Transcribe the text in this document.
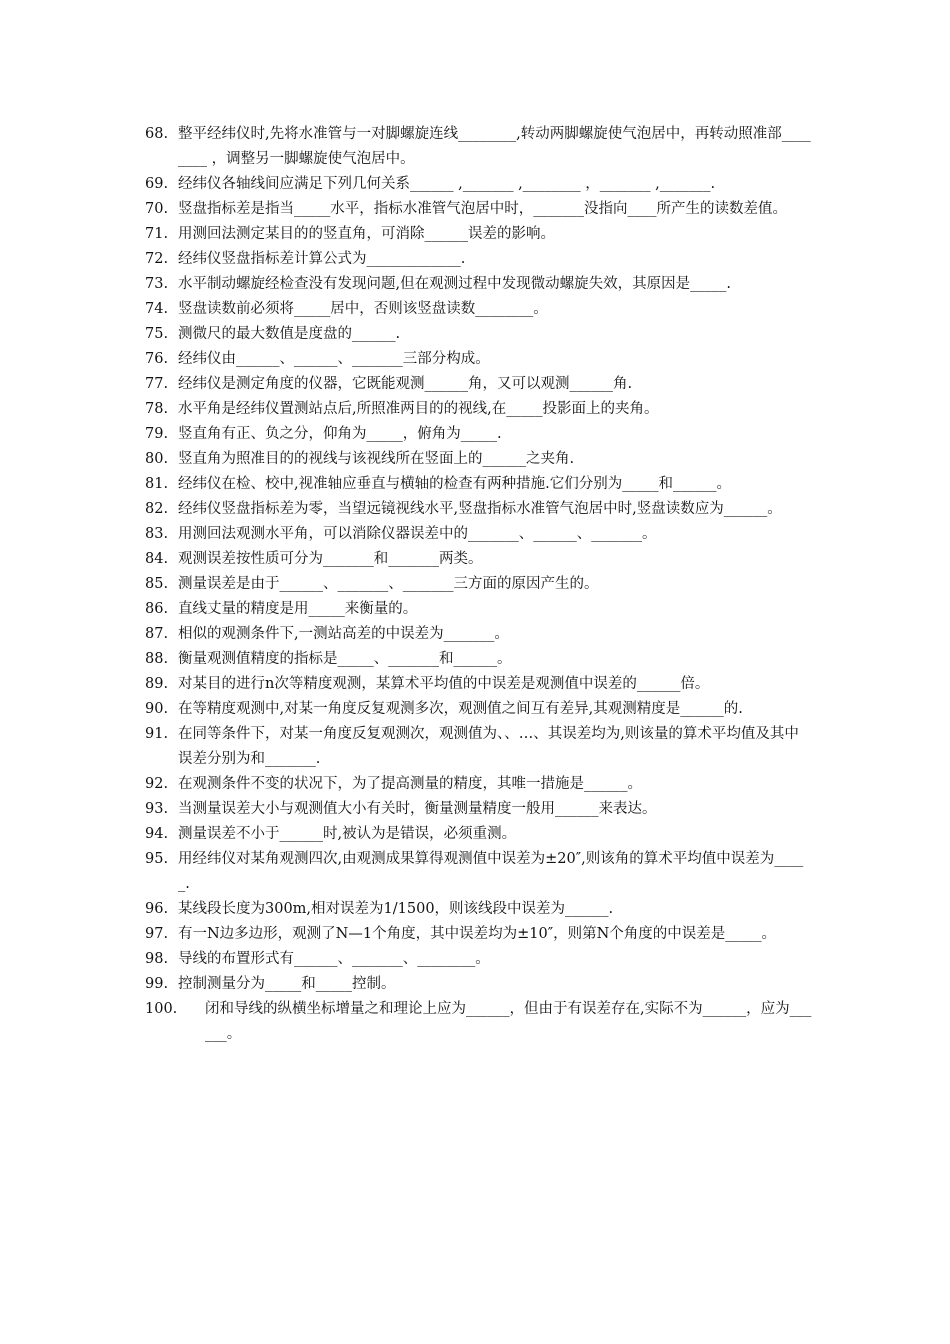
68. 整平经纬仪时,先将水准管与一对脚螺旋连线________,转动两脚螺旋使气泡居中，再转动照准部________ ，调整另一脚螺旋使气泡居中。
69. 经纬仪各轴线间应满足下列几何关系______ ,_______ ,________ ，_______ ,_______.
70. 竖盘指标差是指当_____水平，指标水准管气泡居中时，_______没指向____所产生的读数差值。
71. 用测回法测定某目的的竖直角，可消除______误差的影响。
72. 经纬仪竖盘指标差计算公式为_____________.
73. 水平制动螺旋经检查没有发现问题,但在观测过程中发现微动螺旋失效，其原因是_____.
74. 竖盘读数前必须将_____居中，否则该竖盘读数________。
75. 测微尺的最大数值是度盘的______.
76. 经纬仪由______、______、_______三部分构成。
77. 经纬仪是测定角度的仪器，它既能观测______角，又可以观测______角.
78. 水平角是经纬仪置测站点后,所照准两目的的视线,在_____投影面上的夹角。
79. 竖直角有正、负之分，仰角为_____，俯角为_____.
80. 竖直角为照准目的的视线与该视线所在竖面上的______之夹角.
81. 经纬仪在检、校中,视准轴应垂直与横轴的检查有两种措施.它们分别为_____和______。
82. 经纬仪竖盘指标差为零，当望远镜视线水平,竖盘指标水准管气泡居中时,竖盘读数应为______。
83. 用测回法观测水平角，可以消除仪器误差中的_______、______、_______。
84. 观测误差按性质可分为_______和_______两类。
85. 测量误差是由于______、_______、_______三方面的原因产生的。
86. 直线丈量的精度是用_____来衡量的。
87. 相似的观测条件下,一测站高差的中误差为_______。
88. 衡量观测值精度的指标是_____、_______和______。
89. 对某目的进行n次等精度观测，某算术平均值的中误差是观测值中误差的______倍。
90. 在等精度观测中,对某一角度反复观测多次，观测值之间互有差异,其观测精度是______的.
91. 在同等条件下，对某一角度反复观测次，观测值为、、…、其误差均为,则该量的算术平均值及其中误差分别为和_______.
92. 在观测条件不变的状况下，为了提高测量的精度，其唯一措施是______。
93. 当测量误差大小与观测值大小有关时，衡量测量精度一般用______来表达。
94. 测量误差不小于______时,被认为是错误，必须重测。
95. 用经纬仪对某角观测四次,由观测成果算得观测值中误差为±20″,则该角的算术平均值中误差为_____.
96. 某线段长度为300m,相对误差为1/1500，则该线段中误差为______.
97. 有一N边多边形，观测了N—1个角度，其中误差均为±10″，则第N个角度的中误差是_____。
98. 导线的布置形式有______、_______、________。
99. 控制测量分为_____和_____控制。
100.	闭和导线的纵横坐标增量之和理论上应为______，但由于有误差存在,实际不为______，应为______。
